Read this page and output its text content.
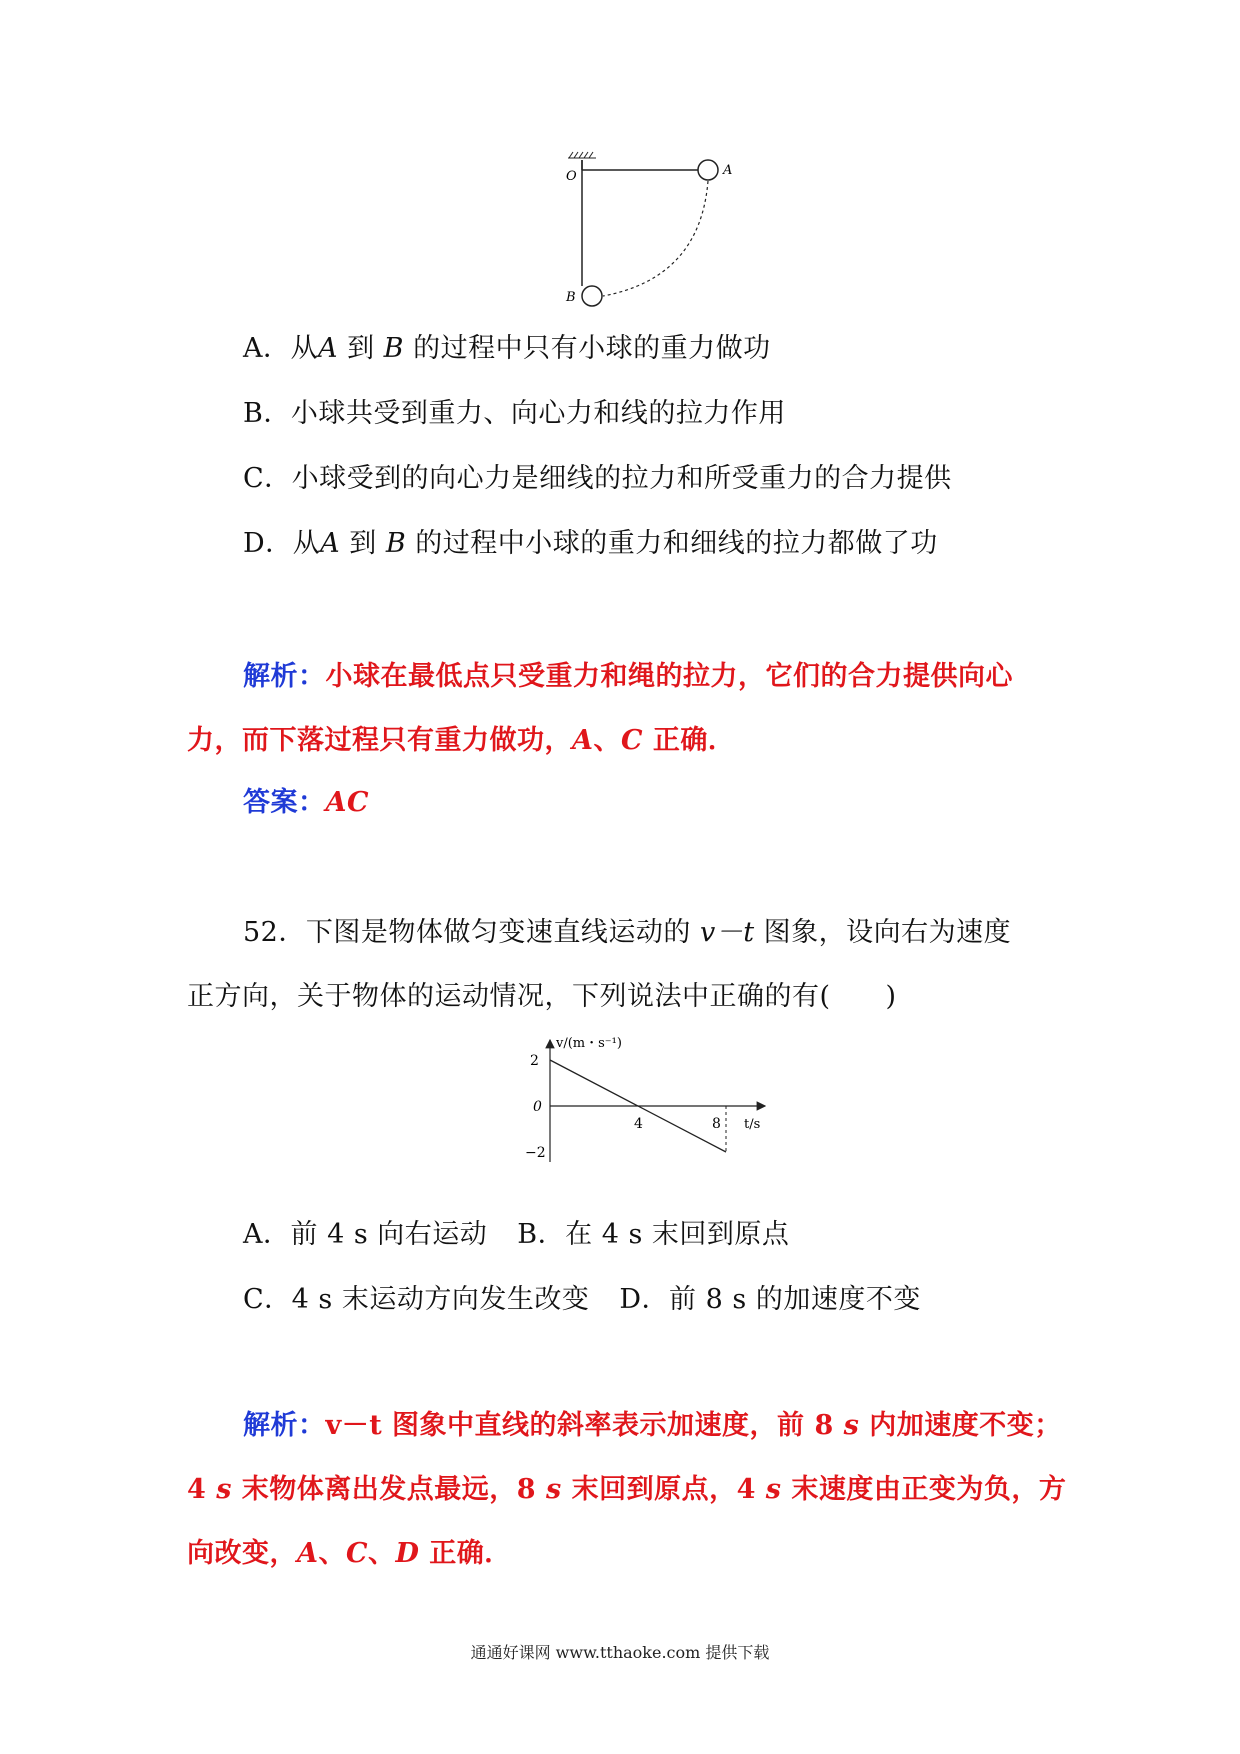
O	A
B
A．从A 到 B 的过程中只有小球的重力做功
B．小球共受到重力、向心力和线的拉力作用
C．小球受到的向心力是细线的拉力和所受重力的合力提供
D．从A 到 B 的过程中小球的重力和细线的拉力都做了功
解析：小球在最低点只受重力和绳的拉力，它们的合力提供向心
力，而下落过程只有重力做功，A、C 正确．
答案：AC
52．下图是物体做匀变速直线运动的 v－t 图象，设向右为速度
正方向，关于物体的运动情况，下列说法中正确的有(　　)
v/(m・s⁻¹)
t/s
0
2
−2
4	8
A．前 4 s 向右运动 B．在 4 s 末回到原点
C．4 s 末运动方向发生改变 D．前 8 s 的加速度不变
解析：v－t 图象中直线的斜率表示加速度，前 8 s 内加速度不变；
4 s 末物体离出发点最远，8 s 末回到原点，4 s 末速度由正变为负，方
向改变，A、C、D 正确．
通通好课网 www.tthaoke.com 提供下载
